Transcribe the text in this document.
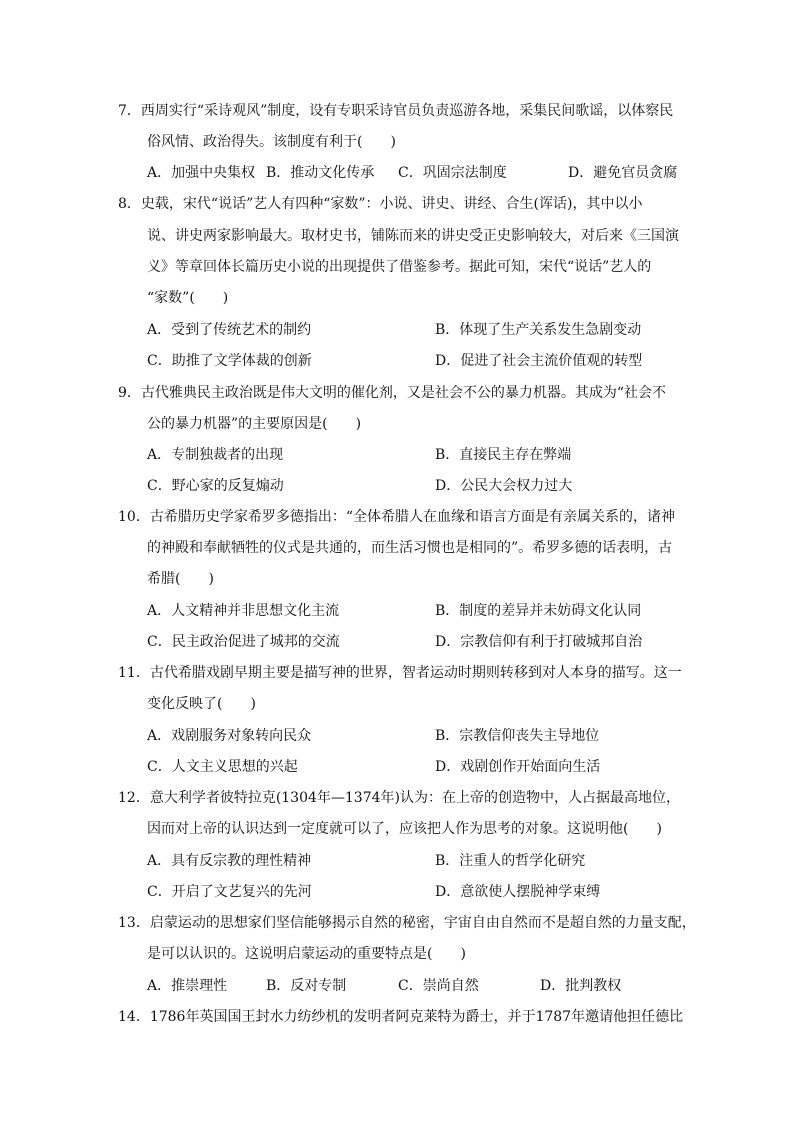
7．西周实行“采诗观风”制度，设有专职采诗官员负责巡游各地，采集民间歌谣，以体察民
俗风情、政治得失。该制度有利于(　　)
A．加强中央集权 B．推动文化传承 C．巩固宗法制度	D．避免官员贪腐
8．史载，宋代“说话”艺人有四种“家数”：小说、讲史、讲经、合生(诨话)，其中以小
说、讲史两家影响最大。取材史书，铺陈而来的讲史受正史影响较大，对后来《三国演
义》等章回体长篇历史小说的出现提供了借鉴参考。据此可知，宋代“说话”艺人的
“家数”(　　)
A．受到了传统艺术的制约	B．体现了生产关系发生急剧变动
C．助推了文学体裁的创新	D．促进了社会主流价值观的转型
9．古代雅典民主政治既是伟大文明的催化剂，又是社会不公的暴力机器。其成为“社会不
公的暴力机器”的主要原因是(　　)
A．专制独裁者的出现	B．直接民主存在弊端
C．野心家的反复煽动	D．公民大会权力过大
10．古希腊历史学家希罗多德指出：“全体希腊人在血缘和语言方面是有亲属关系的，诸神
的神殿和奉献牺牲的仪式是共通的，而生活习惯也是相同的”。希罗多德的话表明，古
希腊(　　)
A．人文精神并非思想文化主流	B．制度的差异并未妨碍文化认同
C．民主政治促进了城邦的交流	D．宗教信仰有利于打破城邦自治
11．古代希腊戏剧早期主要是描写神的世界，智者运动时期则转移到对人本身的描写。这一
变化反映了(　　)
A．戏剧服务对象转向民众	B．宗教信仰丧失主导地位
C．人文主义思想的兴起	D．戏剧创作开始面向生活
12．意大利学者彼特拉克(1304年—1374年)认为：在上帝的创造物中，人占据最高地位，
因而对上帝的认识达到一定度就可以了，应该把人作为思考的对象。这说明他(　　)
A．具有反宗教的理性精神	B．注重人的哲学化研究
C．开启了文艺复兴的先河	D．意欲使人摆脱神学束缚
13．启蒙运动的思想家们坚信能够揭示自然的秘密，宇宙自由自然而不是超自然的力量支配，
是可以认识的。这说明启蒙运动的重要特点是(　　)
A．推崇理性	B．反对专制	C．崇尚自然	D．批判教权
14．1786年英国国王封水力纺纱机的发明者阿克莱特为爵士，并于1787年邀请他担任德比
